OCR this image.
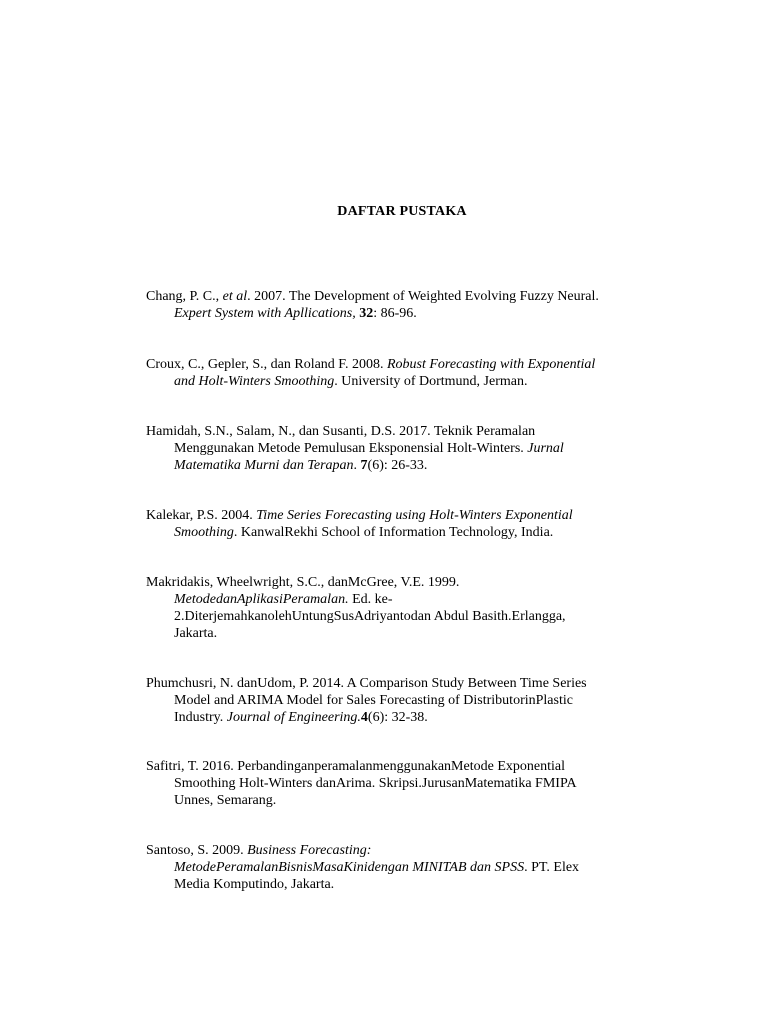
DAFTAR PUSTAKA
Chang, P. C., et al. 2007. The Development of Weighted Evolving Fuzzy Neural.
Expert System with Apllications, 32: 86-96.
Croux, C., Gepler, S., dan Roland F. 2008. Robust Forecasting with Exponential
and Holt-Winters Smoothing. University of Dortmund, Jerman.
Hamidah, S.N., Salam, N., dan Susanti, D.S. 2017. Teknik Peramalan
Menggunakan Metode Pemulusan Eksponensial Holt-Winters. Jurnal
Matematika Murni dan Terapan. 7(6): 26-33.
Kalekar, P.S. 2004. Time Series Forecasting using Holt-Winters Exponential
Smoothing. KanwalRekhi School of Information Technology, India.
Makridakis, Wheelwright, S.C., danMcGree, V.E. 1999.
MetodedanAplikasiPeramalan. Ed. ke-
2.DiterjemahkanolehUntungSusAdriyantodan Abdul Basith.Erlangga,
Jakarta.
Phumchusri, N. danUdom, P. 2014. A Comparison Study Between Time Series
Model and ARIMA Model for Sales Forecasting of DistributorinPlastic
Industry. Journal of Engineering.4(6): 32-38.
Safitri, T. 2016. PerbandinganperamalanmenggunakanMetode Exponential
Smoothing Holt-Winters danArima. Skripsi.JurusanMatematika FMIPA
Unnes, Semarang.
Santoso, S. 2009. Business Forecasting:
MetodePeramalanBisnisMasaKinidengan MINITAB dan SPSS. PT. Elex
Media Komputindo, Jakarta.
